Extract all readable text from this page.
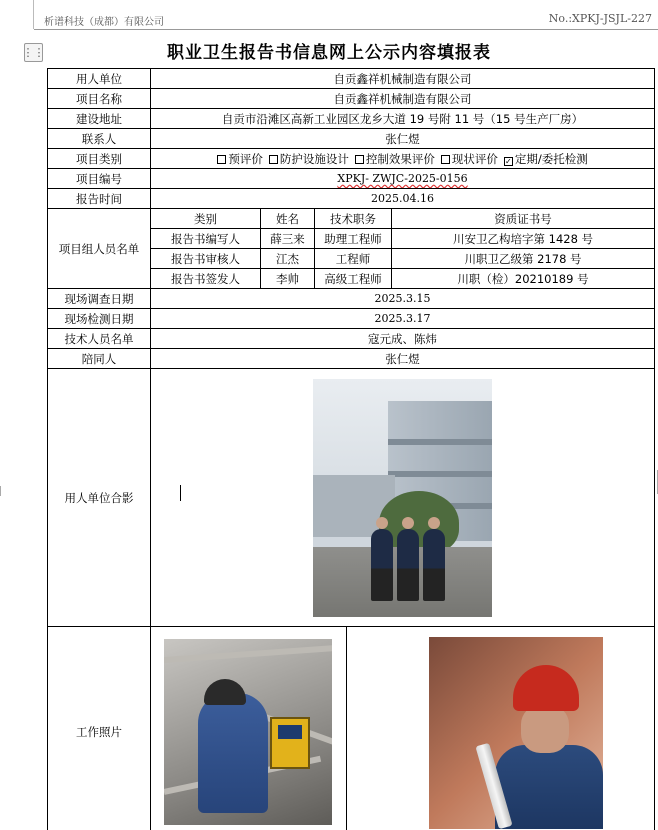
析谱科技（成都）有限公司	No.:XPKJ-JSJL-227
⋮⋮	职业卫生报告书信息网上公示内容填报表
用人单位	自贡鑫祥机械制造有限公司				
项目名称	自贡鑫祥机械制造有限公司				
建设地址	自贡市沿滩区高新工业园区龙乡大道 19 号附 11 号（15 号生产厂房）				
联系人	张仁煜				
项目类别	预评价 防护设施设计 控制效果评价 现状评价 ✓ 定期/委托检测				
项目编号	XPKJ- ZWJC-2025-0156				
报告时间	2025.04.16				
项目组人员名单	类别	姓名	技术职务		资质证书号
	报告书编写人	薛三来	助理工程师		川安卫乙构培字第 1428 号
	报告书审核人	江杰	工程师		川职卫乙级第 2178 号
	报告书签发人	李帅	高级工程师		川职（检）20210189 号
现场调查日期	2025.3.15				
现场检测日期	2025.3.17				
技术人员名单	寇元成、陈炜				
陪同人	张仁煜				
用人单位合影					

工作照片				
